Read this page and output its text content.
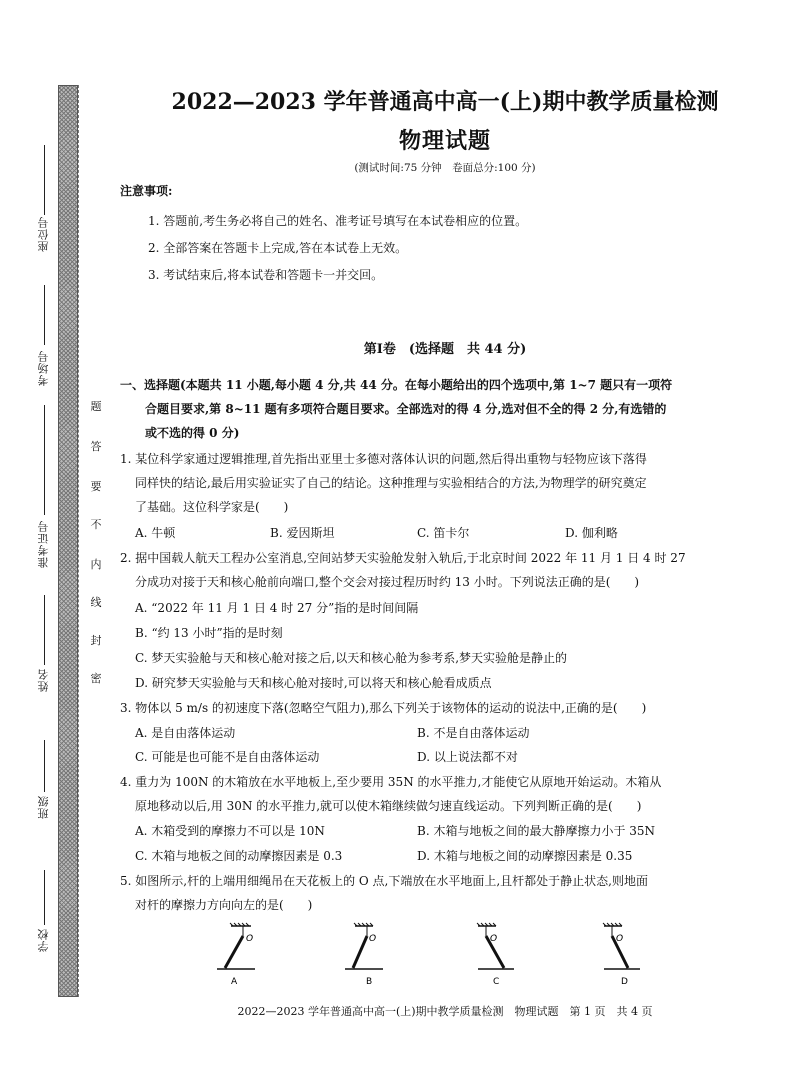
座位号
考场号
准考证号
姓名
班级
学校
题
答
要
不
内
线
封
密
2022—2023 学年普通高中高一(上)期中教学质量检测
物理试题
(测试时间:75 分钟　卷面总分:100 分)
注意事项:
1. 答题前,考生务必将自己的姓名、准考证号填写在本试卷相应的位置。
2. 全部答案在答题卡上完成,答在本试卷上无效。
3. 考试结束后,将本试卷和答题卡一并交回。
第Ⅰ卷　(选择题　共 44 分)
一、选择题(本题共 11 小题,每小题 4 分,共 44 分。在每小题给出的四个选项中,第 1~7 题只有一项符
合题目要求,第 8~11 题有多项符合题目要求。全部选对的得 4 分,选对但不全的得 2 分,有选错的
或不选的得 0 分)
1. 某位科学家通过逻辑推理,首先指出亚里士多德对落体认识的问题,然后得出重物与轻物应该下落得
同样快的结论,最后用实验证实了自己的结论。这种推理与实验相结合的方法,为物理学的研究奠定
了基础。这位科学家是(　　)
A. 牛顿	B. 爱因斯坦	C. 笛卡尔	D. 伽利略
2. 据中国载人航天工程办公室消息,空间站梦天实验舱发射入轨后,于北京时间 2022 年 11 月 1 日 4 时 27
分成功对接于天和核心舱前向端口,整个交会对接过程历时约 13 小时。下列说法正确的是(　　)
A. “2022 年 11 月 1 日 4 时 27 分”指的是时间间隔
B. “约 13 小时”指的是时刻
C. 梦天实验舱与天和核心舱对接之后,以天和核心舱为参考系,梦天实验舱是静止的
D. 研究梦天实验舱与天和核心舱对接时,可以将天和核心舱看成质点
3. 物体以 5 m/s 的初速度下落(忽略空气阻力),那么下列关于该物体的运动的说法中,正确的是(　　)
A. 是自由落体运动	B. 不是自由落体运动
C. 可能是也可能不是自由落体运动	D. 以上说法都不对
4. 重力为 100N 的木箱放在水平地板上,至少要用 35N 的水平推力,才能使它从原地开始运动。木箱从
原地移动以后,用 30N 的水平推力,就可以使木箱继续做匀速直线运动。下列判断正确的是(　　)
A. 木箱受到的摩擦力不可以是 10N	B. 木箱与地板之间的最大静摩擦力小于 35N
C. 木箱与地板之间的动摩擦因素是 0.3	D. 木箱与地板之间的动摩擦因素是 0.35
5. 如图所示,杆的上端用细绳吊在天花板上的 O 点,下端放在水平地面上,且杆都处于静止状态,则地面
对杆的摩擦力方向向左的是(　　)
O
A
O
B
O
C
O
D
2022—2023 学年普通高中高一(上)期中教学质量检测　物理试题　第 1 页　共 4 页
